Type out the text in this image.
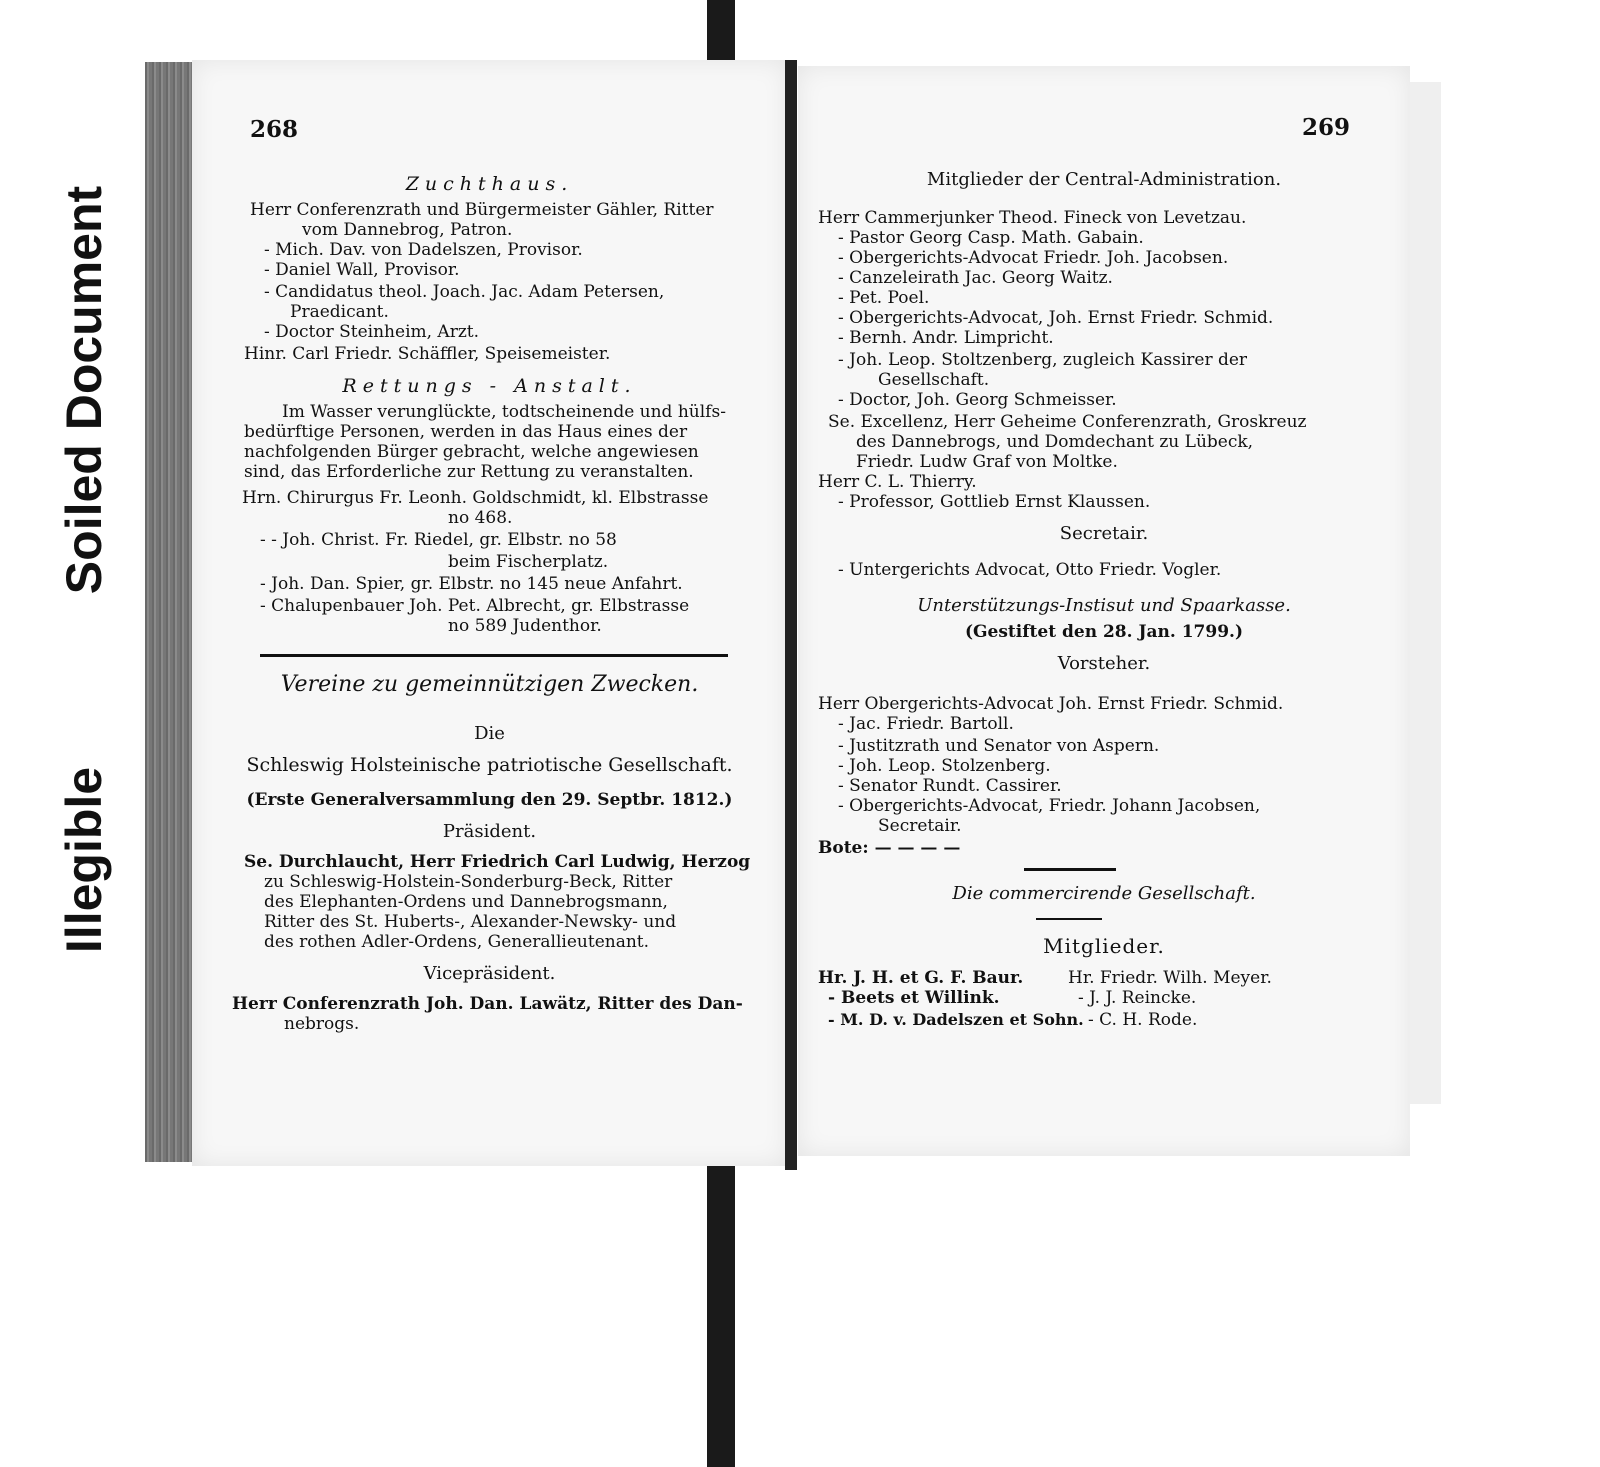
Soiled Document
Illegible
268
Zuchthaus.
Herr Conferenzrath und Bürgermeister Gähler, Ritter
vom Dannebrog, Patron.
- Mich. Dav. von Dadelszen, Provisor.
- Daniel Wall, Provisor.
- Candidatus theol. Joach. Jac. Adam Petersen,
Praedicant.
- Doctor Steinheim, Arzt.
Hinr. Carl Friedr. Schäffler, Speisemeister.
Rettungs - Anstalt.
Im Wasser verunglückte, todtscheinende und hülfs-
bedürftige Personen, werden in das Haus eines der
nachfolgenden Bürger gebracht, welche angewiesen
sind, das Erforderliche zur Rettung zu veranstalten.
Hrn. Chirurgus Fr. Leonh. Goldschmidt, kl. Elbstrasse
no 468.
- - Joh. Christ. Fr. Riedel, gr. Elbstr. no 58
beim Fischerplatz.
- Joh. Dan. Spier, gr. Elbstr. no 145 neue Anfahrt.
- Chalupenbauer Joh. Pet. Albrecht, gr. Elbstrasse
no 589 Judenthor.
Vereine zu gemeinnützigen Zwecken.
Die
Schleswig Holsteinische patriotische Gesellschaft.
(Erste Generalversammlung den 29. Septbr. 1812.)
Präsident.
Se. Durchlaucht, Herr Friedrich Carl Ludwig, Herzog
zu Schleswig-Holstein-Sonderburg-Beck, Ritter
des Elephanten-Ordens und Dannebrogsmann,
Ritter des St. Huberts-, Alexander-Newsky- und
des rothen Adler-Ordens, Generallieutenant.
Vicepräsident.
Herr Conferenzrath Joh. Dan. Lawätz, Ritter des Dan-
nebrogs.
269
Mitglieder der Central-Administration.
Herr Cammerjunker Theod. Fineck von Levetzau.
- Pastor Georg Casp. Math. Gabain.
- Obergerichts-Advocat Friedr. Joh. Jacobsen.
- Canzeleirath Jac. Georg Waitz.
- Pet. Poel.
- Obergerichts-Advocat, Joh. Ernst Friedr. Schmid.
- Bernh. Andr. Limpricht.
- Joh. Leop. Stoltzenberg, zugleich Kassirer der
Gesellschaft.
- Doctor, Joh. Georg Schmeisser.
Se. Excellenz, Herr Geheime Conferenzrath, Groskreuz
des Dannebrogs, und Domdechant zu Lübeck,
Friedr. Ludw Graf von Moltke.
Herr C. L. Thierry.
- Professor, Gottlieb Ernst Klaussen.
Secretair.
- Untergerichts Advocat, Otto Friedr. Vogler.
Unterstützungs-Instisut und Spaarkasse.
(Gestiftet den 28. Jan. 1799.)
Vorsteher.
Herr Obergerichts-Advocat Joh. Ernst Friedr. Schmid.
- Jac. Friedr. Bartoll.
- Justitzrath und Senator von Aspern.
- Joh. Leop. Stolzenberg.
- Senator Rundt. Cassirer.
- Obergerichts-Advocat, Friedr. Johann Jacobsen,
Secretair.
Bote: — — — —
Die commercirende Gesellschaft.
Mitglieder.
Hr. J. H. et G. F. Baur.
- Beets et Willink.
- M. D. v. Dadelszen et Sohn.
Hr. Friedr. Wilh. Meyer.
- J. J. Reincke.
- C. H. Rode.
